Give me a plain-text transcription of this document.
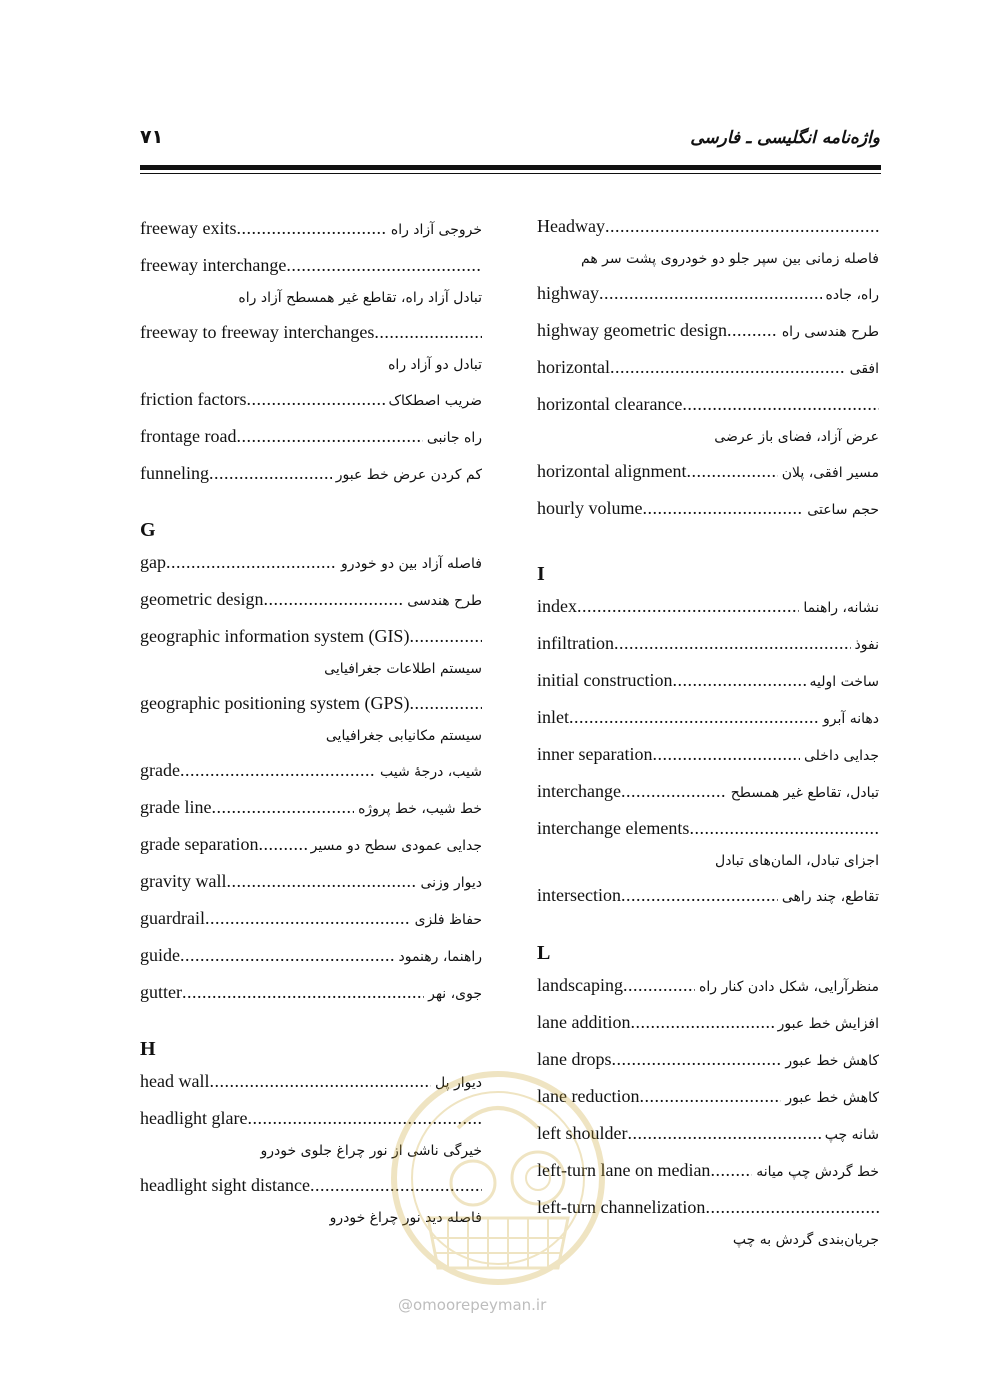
واژه‌نامه انگلیسی ـ فارسی
۷۱
freeway exits .....	خروجی آزاد راه
freeway interchange
.....
تبادل آزاد راه، تقاطع غیر همسطح آزاد راه
freeway to freeway interchanges
.....
تبادل دو آزاد راه
friction factors .....	ضریب اصطکاک
frontage road .....	راه جانبی
funneling .....	کم کردن عرض خط عبور
G
gap .....	فاصله آزاد بین دو خودرو
geometric design .....	طرح هندسی
geographic information system (GIS)
.....
سیستم اطلاعات جغرافیایی
geographic positioning system (GPS)
.....
سیستم مکانیابی جغرافیایی
grade .....	شیب، درجهٔ شیب
grade line .....	خط شیب، خط پروژه
grade separation .....	جدایی عمودی سطح دو مسیر
gravity wall .....	دیوار وزنی
guardrail .....	حفاظ فلزی
guide .....	راهنما، رهنمود
gutter .....	جوی، نهر
H
head wall .....	دیوار پل
headlight glare
.....
خیرگی ناشی از نور چراغ جلوی خودرو
headlight sight distance
.....
فاصله دید نور چراغ خودرو
Headway
.....
فاصله زمانی بین سپر جلو دو خودروی پشت سر هم
highway .....	راه، جاده
highway geometric design .....	طرح هندسی راه
horizontal .....	افقی
horizontal clearance
.....
عرض آزاد، فضای باز عرضی
horizontal alignment .....	مسیر افقی، پلان
hourly volume .....	حجم ساعتی
I
index .....	نشانه، راهنما
infiltration .....	نفوذ
initial construction .....	ساخت اولیه
inlet .....	دهانه آبرو
inner separation .....	جدایی داخلی
interchange .....	تبادل، تقاطع غیر همسطح
interchange elements
.....
اجزای تبادل، المان‌های تبادل
intersection .....	تقاطع، چند راهی
L
landscaping .....	منظرآرایی، شکل دادن کنار راه
lane addition .....	افزایش خط عبور
lane drops .....	کاهش خط عبور
lane reduction .....	کاهش خط عبور
left shoulder .....	شانه چپ
left-turn lane on median .....	خط گردش چپ میانه
left-turn channelization
.....
جریان‌بندی گردش به چپ
@omoorepeyman.ir
